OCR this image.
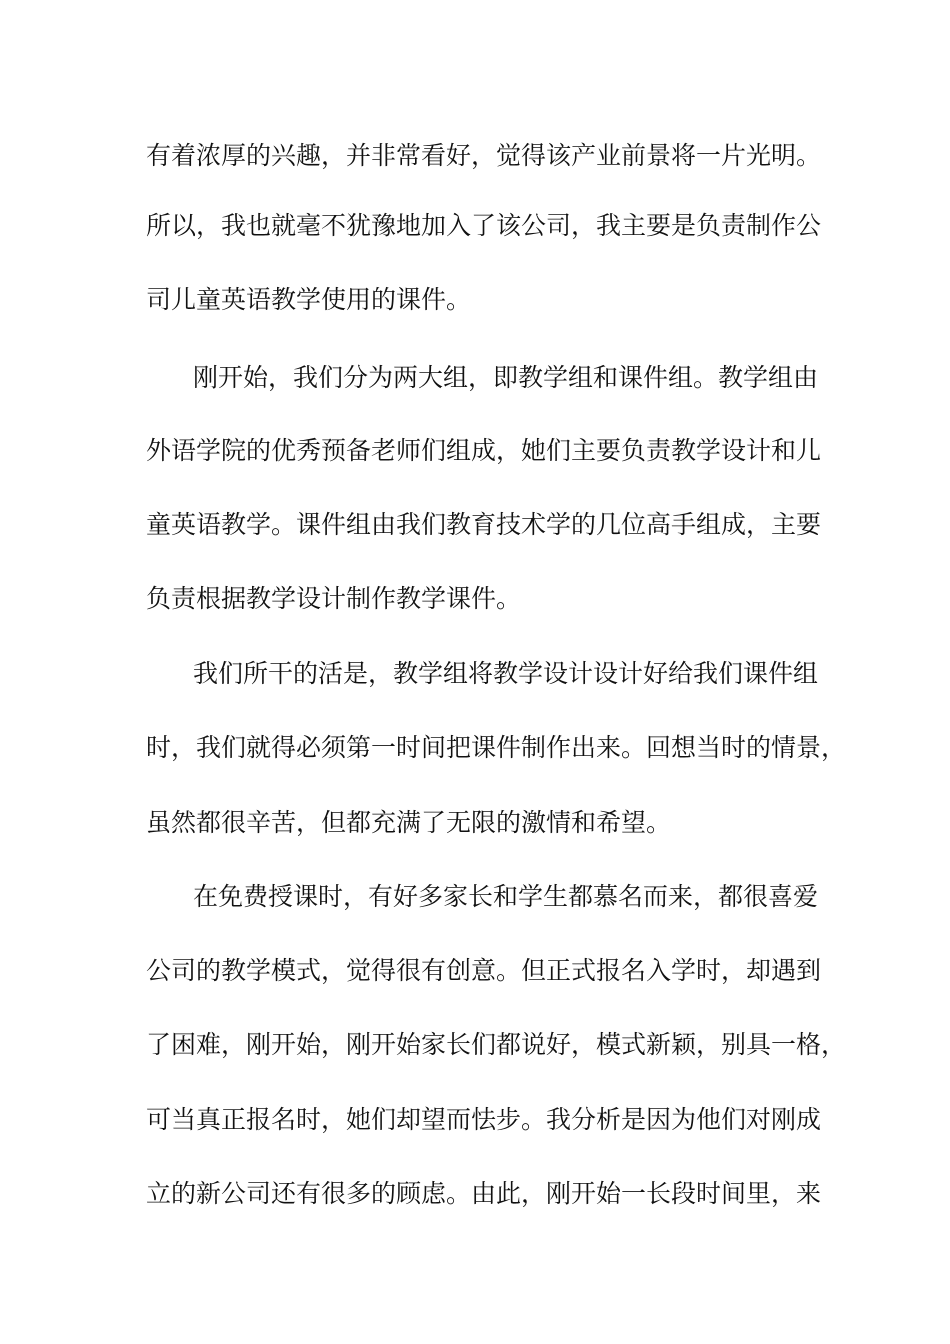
有着浓厚的兴趣，并非常看好，觉得该产业前景将一片光明。
所以，我也就毫不犹豫地加入了该公司，我主要是负责制作公
司儿童英语教学使用的课件。
刚开始，我们分为两大组，即教学组和课件组。教学组由
外语学院的优秀预备老师们组成，她们主要负责教学设计和儿
童英语教学。课件组由我们教育技术学的几位高手组成，主要
负责根据教学设计制作教学课件。
我们所干的活是，教学组将教学设计设计好给我们课件组
时，我们就得必须第一时间把课件制作出来。回想当时的情景，
虽然都很辛苦，但都充满了无限的激情和希望。
在免费授课时，有好多家长和学生都慕名而来，都很喜爱
公司的教学模式，觉得很有创意。但正式报名入学时，却遇到
了困难，刚开始，刚开始家长们都说好，模式新颖，别具一格，
可当真正报名时，她们却望而怯步。我分析是因为他们对刚成
立的新公司还有很多的顾虑。由此，刚开始一长段时间里，来
